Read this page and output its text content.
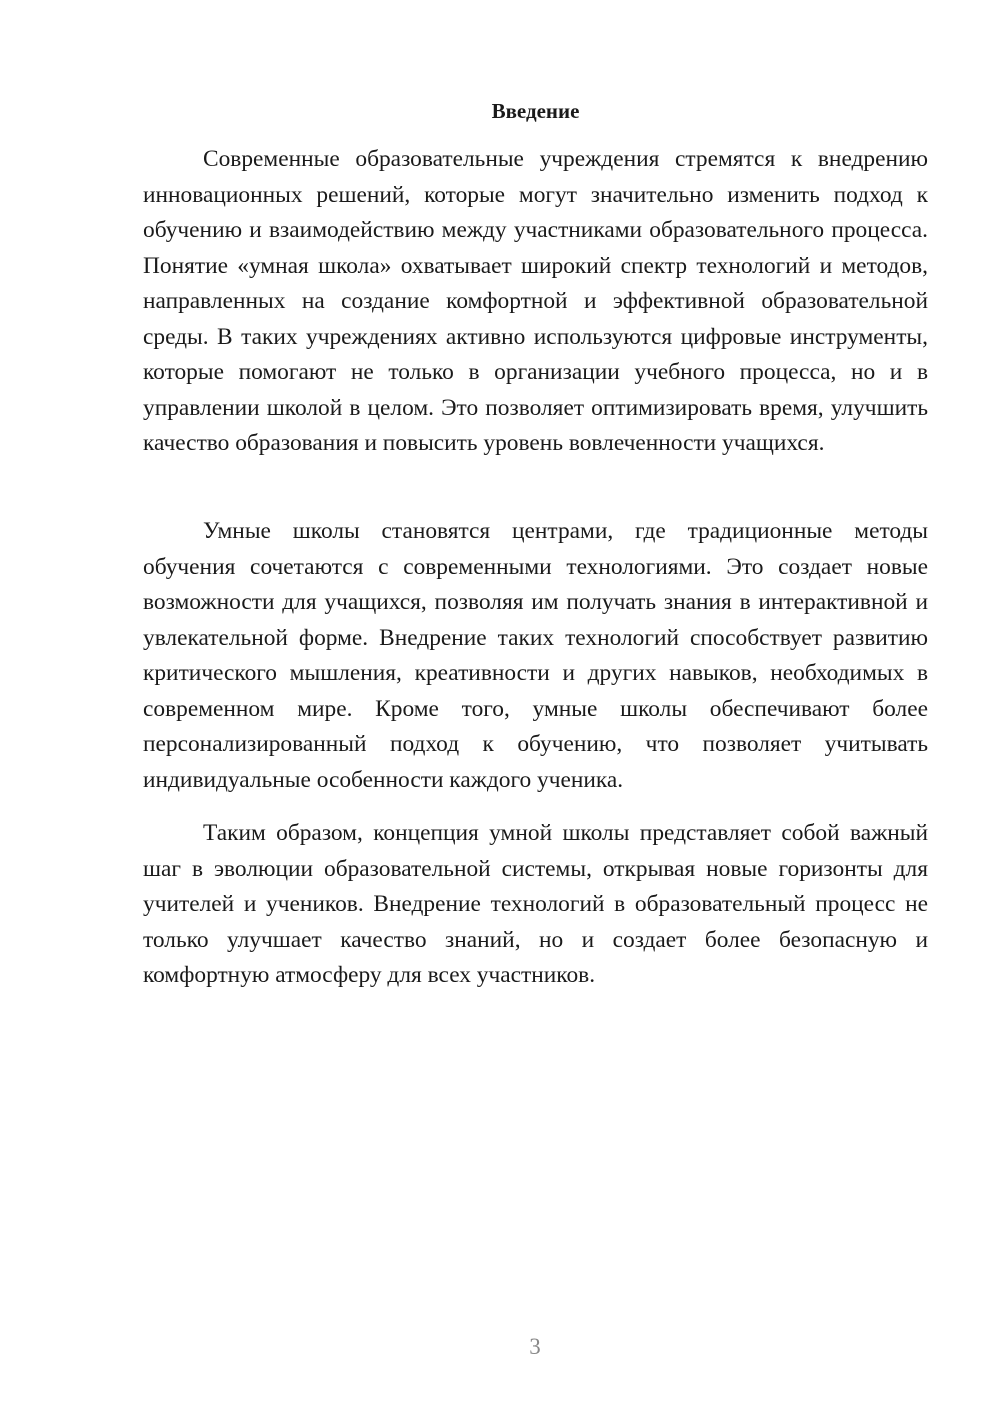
Введение

Современные образовательные учреждения стремятся к внедрению инновационных решений, которые могут значительно изменить подход к обучению и взаимодействию между участниками образовательного процесса. Понятие «умная школа» охватывает широкий спектр технологий и методов, направленных на создание комфортной и эффективной образовательной среды. В таких учреждениях активно используются цифровые инструменты, которые помогают не только в организации учебного процесса, но и в управлении школой в целом. Это позволяет оптимизировать время, улучшить качество образования и повысить уровень вовлеченности учащихся.

Умные школы становятся центрами, где традиционные методы обучения сочетаются с современными технологиями. Это создает новые возможности для учащихся, позволяя им получать знания в интерактивной и увлекательной форме. Внедрение таких технологий способствует развитию критического мышления, креативности и других навыков, необходимых в современном мире. Кроме того, умные школы обеспечивают более персонализированный подход к обучению, что позволяет учитывать индивидуальные особенности каждого ученика.

Таким образом, концепция умной школы представляет собой важный шаг в эволюции образовательной системы, открывая новые горизонты для учителей и учеников. Внедрение технологий в образовательный процесс не только улучшает качество знаний, но и создает более безопасную и комфортную атмосферу для всех участников.

3
